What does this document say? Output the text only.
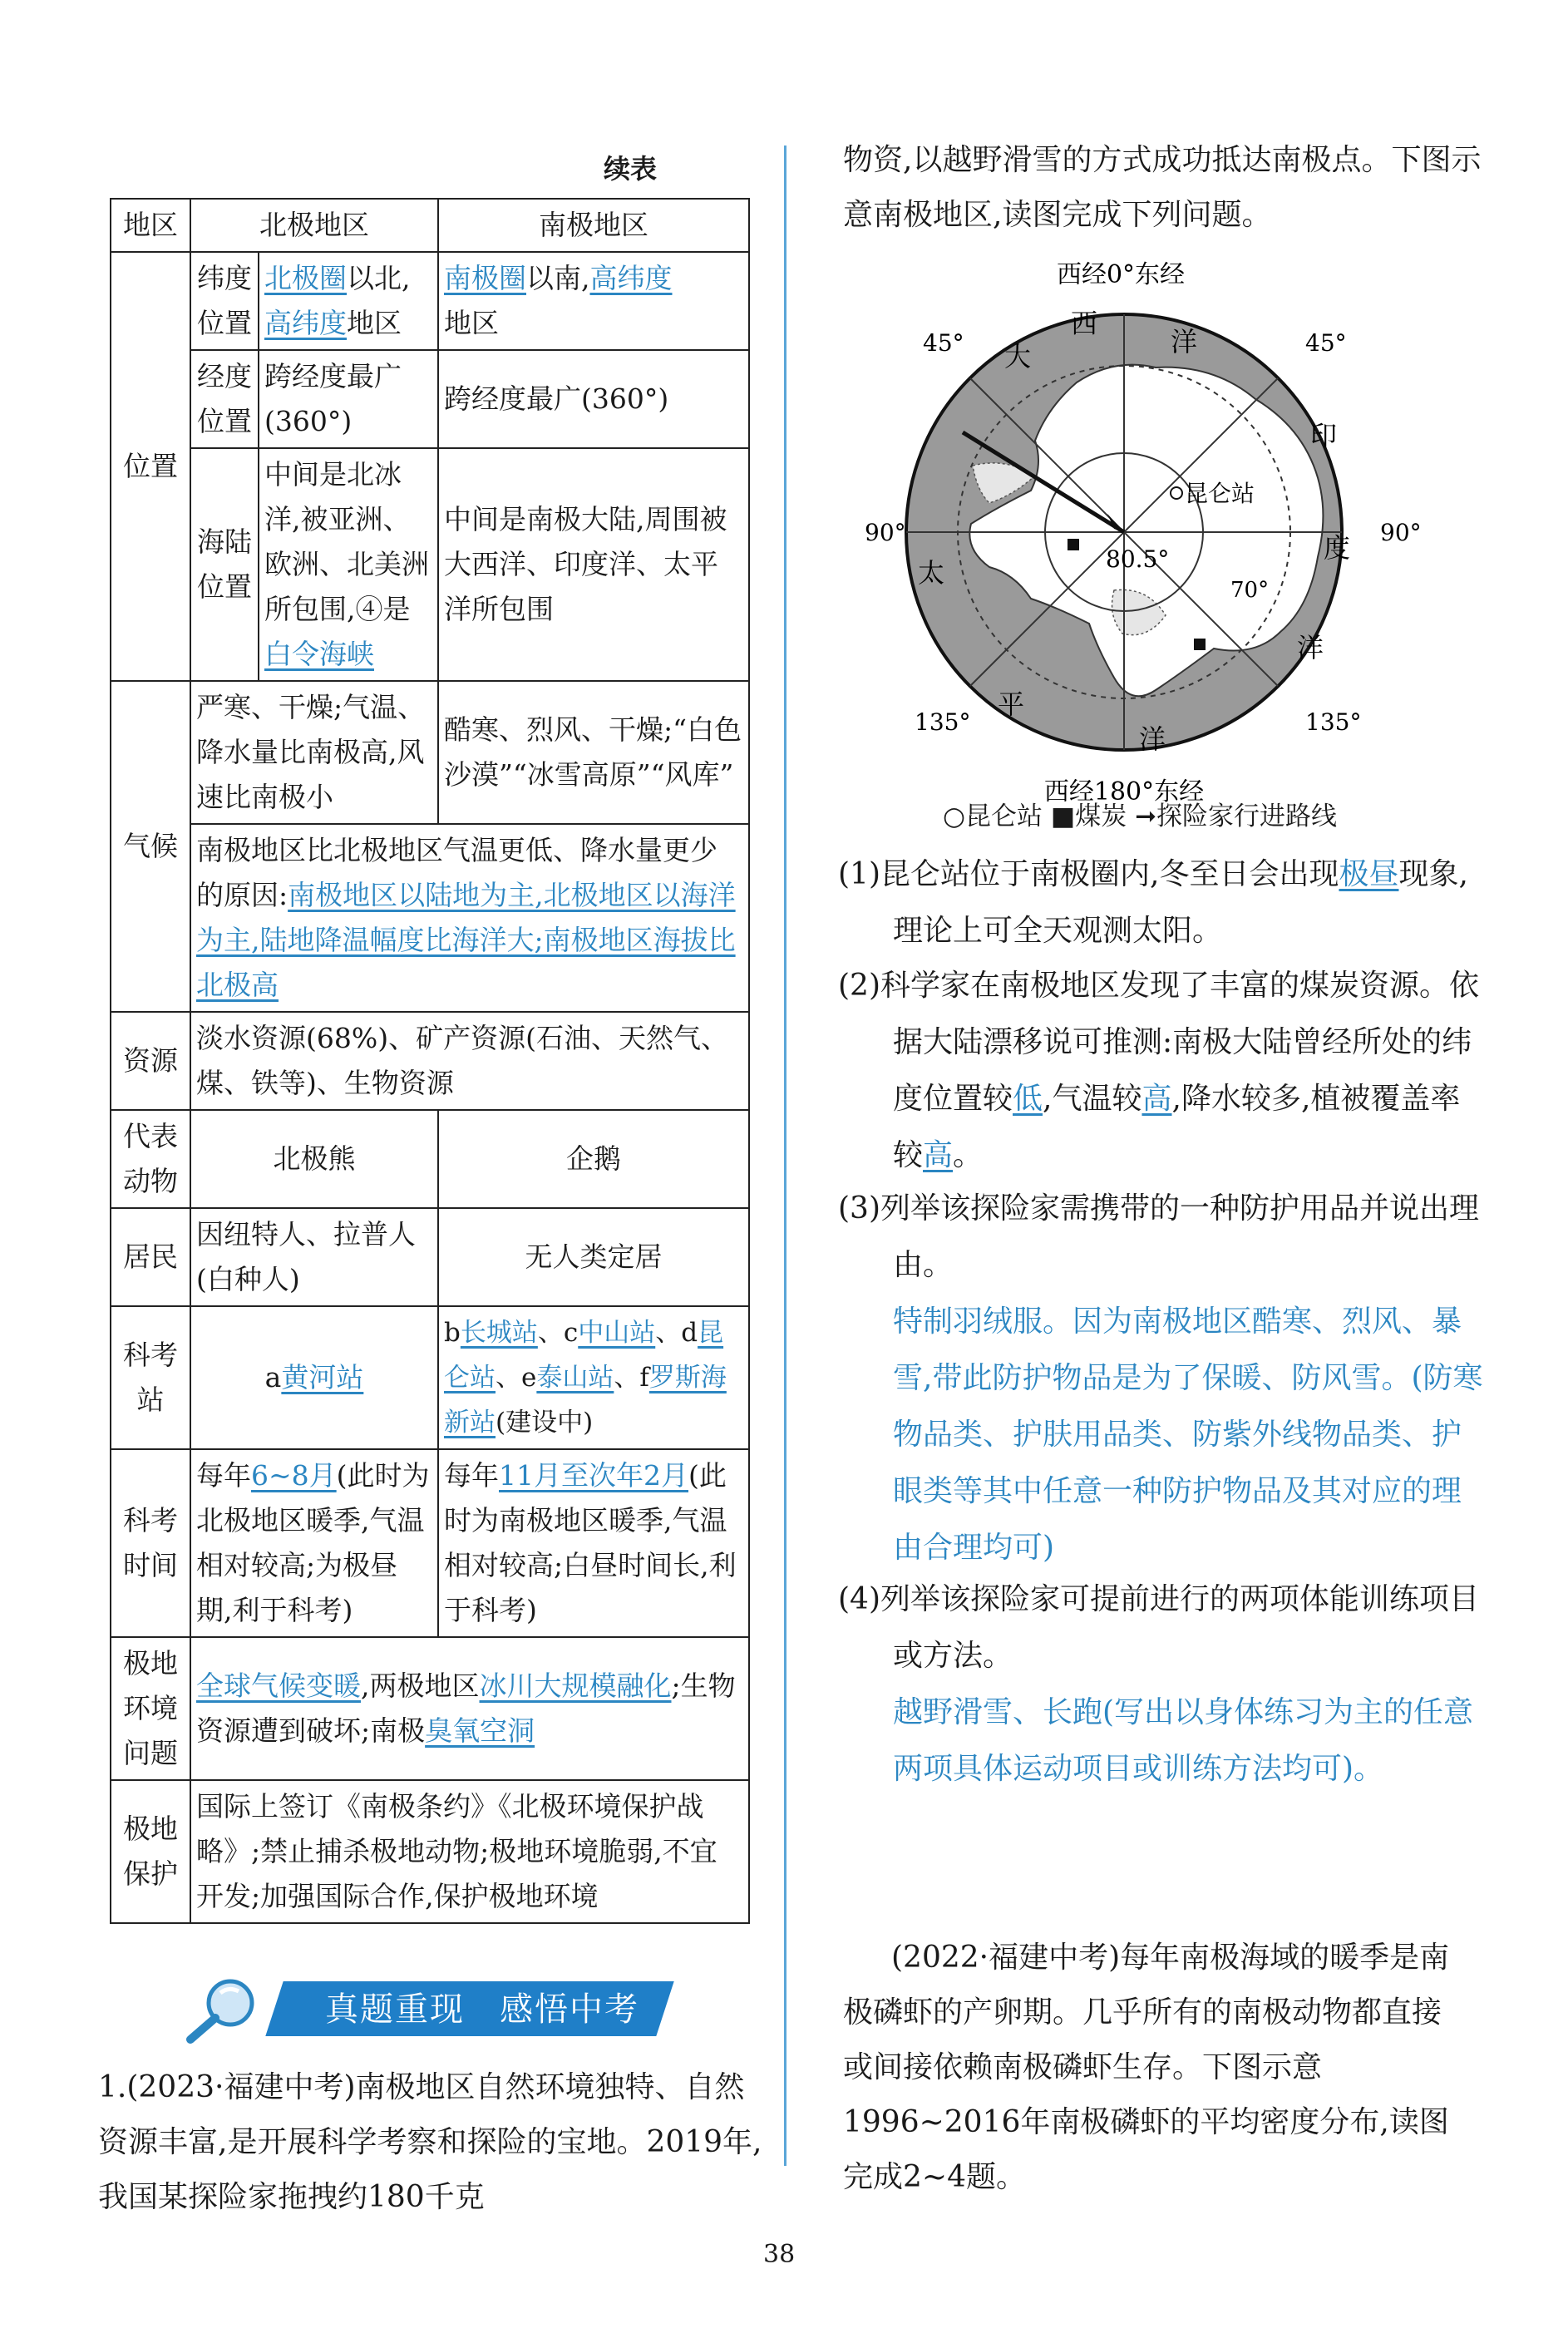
续表
地区	北极地区		南极地区
位置	纬度位置	北极圈以北,高纬度地区	南极圈以南,高纬度
地区
	经度位置	跨经度最广(360°)	跨经度最广(360°)
	海陆位置	中间是北冰洋,被亚洲、欧洲、北美洲所包围,④是白令海峡	中间是南极大陆,周围被大西洋、印度洋、太平洋所包围
气候	严寒、干燥;气温、降水量比南极高,风速比南极小		酷寒、烈风、干燥;“白色沙漠”“冰雪高原”“风库”
	南极地区比北极地区气温更低、降水量更少的原因:南极地区以陆地为主,北极地区以海洋为主,陆地降温幅度比海洋大;南极地区海拔比北极高		
资源	淡水资源(68%)、矿产资源(石油、天然气、煤、铁等)、生物资源		
代表动物	北极熊		企鹅
居民	因纽特人、拉普人(白种人)		无人类定居
科考站	a黄河站		b长城站、c中山站、d昆仑站、e泰山站、f罗斯海新站(建设中)
科考时间	每年6~8月(此时为北极地区暖季,气温相对较高;为极昼期,利于科考)		每年11月至次年2月(此时为南极地区暖季,气温相对较高;白昼时间长,利于科考)
极地环境问题	全球气候变暖,两极地区冰川大规模融化;生物资源遭到破坏;南极臭氧空洞		
极地保护	国际上签订《南极条约》《北极环境保护战略》;禁止捕杀极地动物;极地环境脆弱,不宜开发;加强国际合作,保护极地环境		
真题重现　感悟中考
1.(2023·福建中考)南极地区自然环境独特、自然资源丰富,是开展科学考察和探险的宝地。2019年,我国某探险家拖拽约180千克
物资,以越野滑雪的方式成功抵达南极点。下图示意南极地区,读图完成下列问题。
西经0°东经
西经180°东经
45°	45°
90°	90°
135°	135°
昆仑站
80.5°
70°
大
西
洋
印
度
洋
太
平
洋
○昆仑站 ■煤炭 ➞探险家行进路线
(1)昆仑站位于南极圈内,冬至日会出现极昼现象,理论上可全天观测太阳。
(2)科学家在南极地区发现了丰富的煤炭资源。依据大陆漂移说可推测:南极大陆曾经所处的纬度位置较低,气温较高,降水较多,植被覆盖率较高。
(3)列举该探险家需携带的一种防护用品并说出理由。
特制羽绒服。因为南极地区酷寒、烈风、暴雪,带此防护物品是为了保暖、防风雪。(防寒物品类、护肤用品类、防紫外线物品类、护眼类等其中任意一种防护物品及其对应的理由合理均可)
(4)列举该探险家可提前进行的两项体能训练项目或方法。
越野滑雪、长跑(写出以身体练习为主的任意两项具体运动项目或训练方法均可)。
(2022·福建中考)每年南极海域的暖季是南极磷虾的产卵期。几乎所有的南极动物都直接或间接依赖南极磷虾生存。下图示意1996~2016年南极磷虾的平均密度分布,读图完成2~4题。
38
